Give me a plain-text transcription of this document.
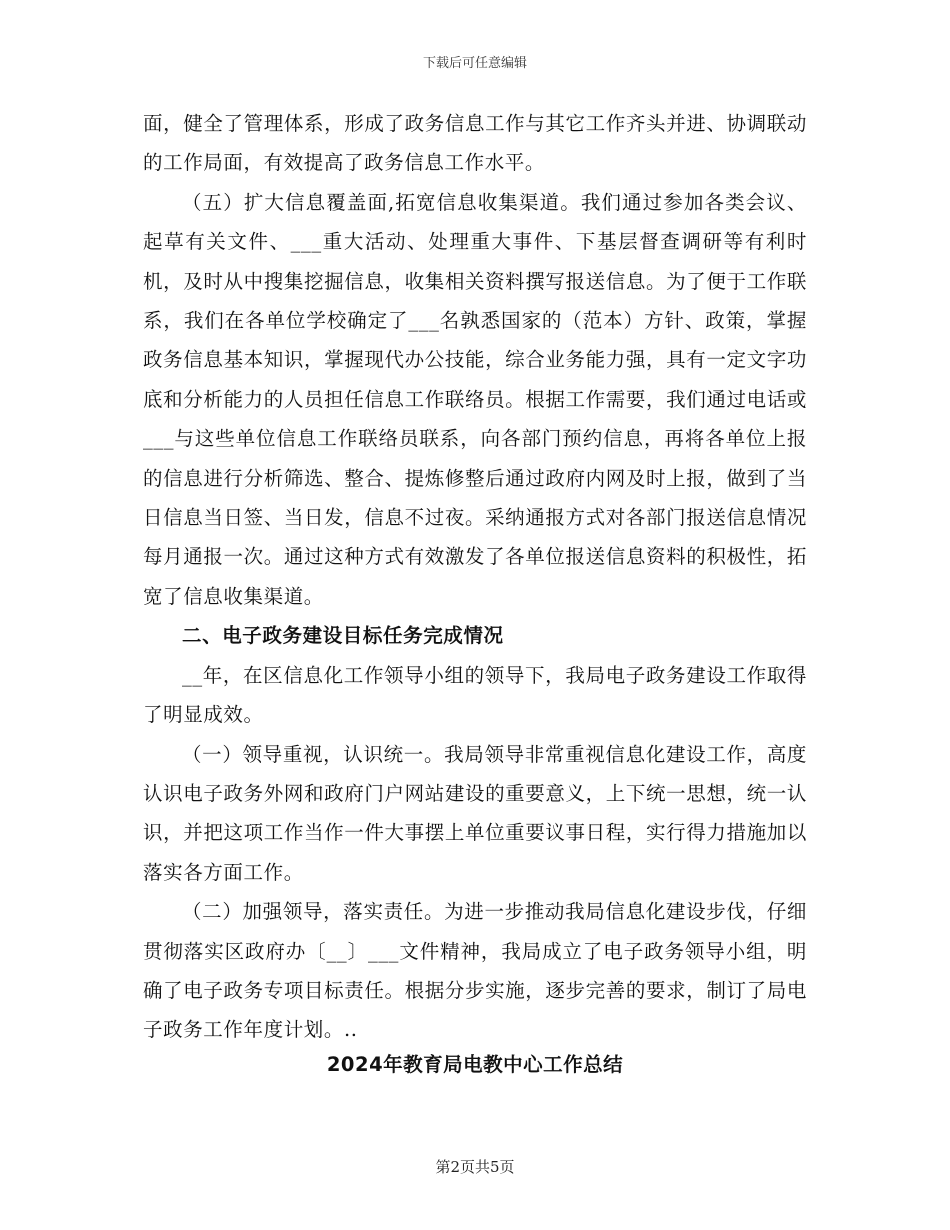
下载后可任意编辑

面，健全了管理体系，形成了政务信息工作与其它工作齐头并进、协调联动的工作局面，有效提高了政务信息工作水平。

（五）扩大信息覆盖面,拓宽信息收集渠道。我们通过参加各类会议、起草有关文件、___重大活动、处理重大事件、下基层督查调研等有利时机，及时从中搜集挖掘信息，收集相关资料撰写报送信息。为了便于工作联系，我们在各单位学校确定了___名孰悉国家的（范本）方针、政策，掌握政务信息基本知识，掌握现代办公技能，综合业务能力强，具有一定文字功底和分析能力的人员担任信息工作联络员。根据工作需要，我们通过电话或___与这些单位信息工作联络员联系，向各部门预约信息，再将各单位上报的信息进行分析筛选、整合、提炼修整后通过政府内网及时上报，做到了当日信息当日签、当日发，信息不过夜。采纳通报方式对各部门报送信息情况每月通报一次。通过这种方式有效激发了各单位报送信息资料的积极性，拓宽了信息收集渠道。

二、电子政务建设目标任务完成情况

__年，在区信息化工作领导小组的领导下，我局电子政务建设工作取得了明显成效。

（一）领导重视，认识统一。我局领导非常重视信息化建设工作，高度认识电子政务外网和政府门户网站建设的重要意义，上下统一思想，统一认识，并把这项工作当作一件大事摆上单位重要议事日程，实行得力措施加以落实各方面工作。

（二）加强领导，落实责任。为进一步推动我局信息化建设步伐，仔细贯彻落实区政府办〔__〕___文件精神，我局成立了电子政务领导小组，明确了电子政务专项目标责任。根据分步实施，逐步完善的要求，制订了局电子政务工作年度计划。..

2024年教育局电教中心工作总结
第2页共5页
